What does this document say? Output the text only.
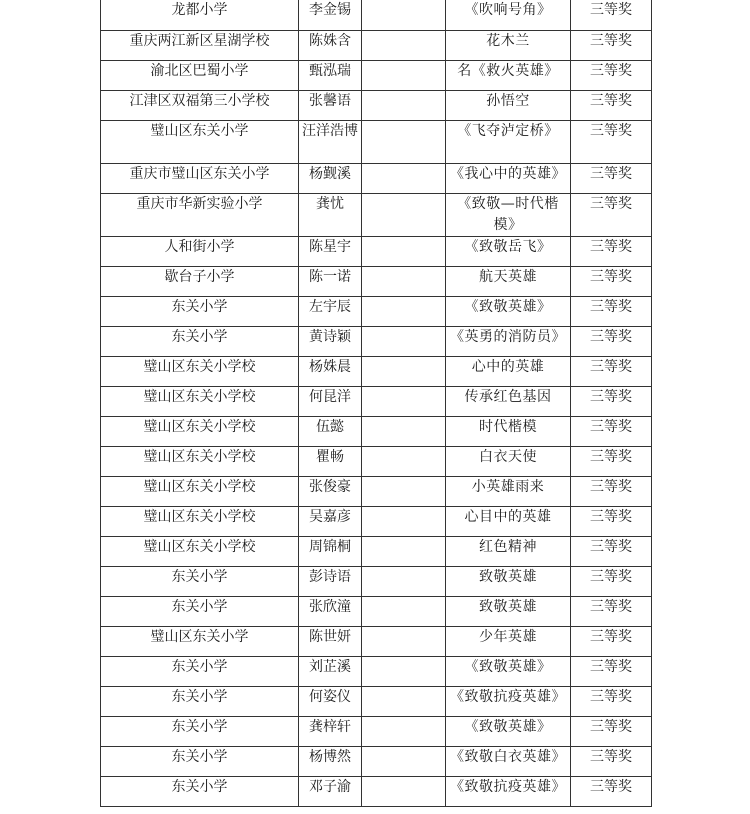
龙都小学	李金锡		《吹响号角》	三等奖
重庆两江新区星湖学校	陈姝含		花木兰	三等奖
渝北区巴蜀小学	甄泓瑞		名《救火英雄》	三等奖
江津区双福第三小学校	张馨语		孙悟空	三等奖
璧山区东关小学	汪洋浩博		《飞夺泸定桥》	三等奖
重庆市璧山区东关小学	杨觐溪		《我心中的英雄》	三等奖
重庆市华新实验小学	龚忧		《致敬—时代楷模》	三等奖
人和街小学	陈星宇		《致敬岳飞》	三等奖
歇台子小学	陈一诺		航天英雄	三等奖
东关小学	左宇辰		《致敬英雄》	三等奖
东关小学	黄诗颖		《英勇的消防员》	三等奖
璧山区东关小学校	杨姝晨		心中的英雄	三等奖
璧山区东关小学校	何昆洋		传承红色基因	三等奖
璧山区东关小学校	伍懿		时代楷模	三等奖
璧山区东关小学校	瞿畅		白衣天使	三等奖
璧山区东关小学校	张俊豪		小英雄雨来	三等奖
璧山区东关小学校	吴嘉彦		心目中的英雄	三等奖
璧山区东关小学校	周锦桐		红色精神	三等奖
东关小学	彭诗语		致敬英雄	三等奖
东关小学	张欣潼		致敬英雄	三等奖
璧山区东关小学	陈世妍		少年英雄	三等奖
东关小学	刘芷溪		《致敬英雄》	三等奖
东关小学	何姿仪		《致敬抗疫英雄》	三等奖
东关小学	龚梓轩		《致敬英雄》	三等奖
东关小学	杨博然		《致敬白衣英雄》	三等奖
东关小学	邓子渝		《致敬抗疫英雄》	三等奖
